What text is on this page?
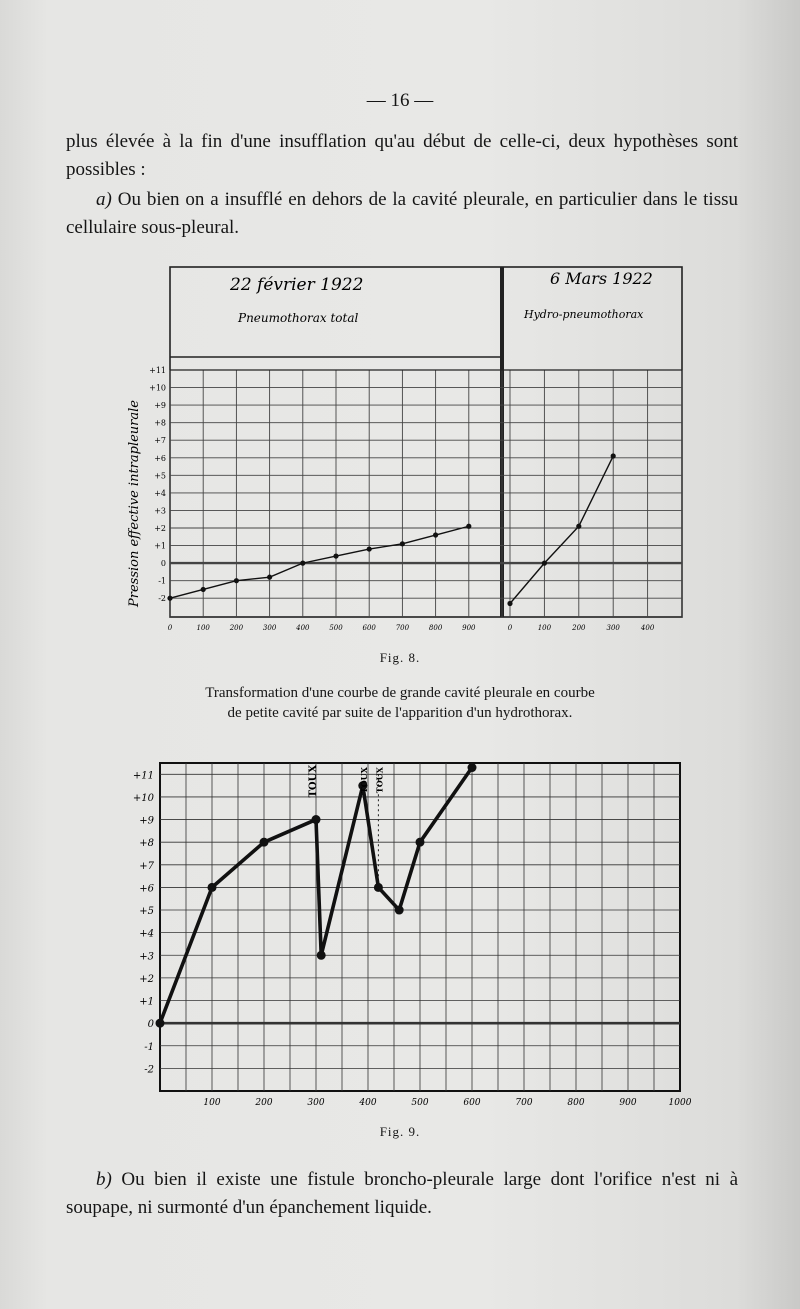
— 16 —
plus élevée à la fin d'une insufflation qu'au début de celle-ci, deux hypothèses sont possibles :
a) Ou bien on a insufflé en dehors de la cavité pleurale, en particulier dans le tissu cellulaire sous-pleural.
Pression effective intrapleurale
22 février 1922
Pneumothorax total
6 Mars 1922
Hydro-pneumothorax
-2
-1
0
+1
+2
+3
+4
+5
+6
+7
+8
+9
+10
+11
0	100	200	300	400	500	600	700	800	900	0	100	200	300	400
Fig. 8.
Transformation d'une courbe de grande cavité pleurale en courbe
de petite cavité par suite de l'apparition d'un hydrothorax.
-2
-1
0
+1
+2
+3
+4
+5
+6
+7
+8
+9
+10
+11
100	200	300	400	500	600	700	800	900	1000
TOUX	TOUX TOUX
Fig. 9.
b) Ou bien il existe une fistule broncho-pleurale large dont l'orifice n'est ni à soupape, ni surmonté d'un épanchement liquide.
